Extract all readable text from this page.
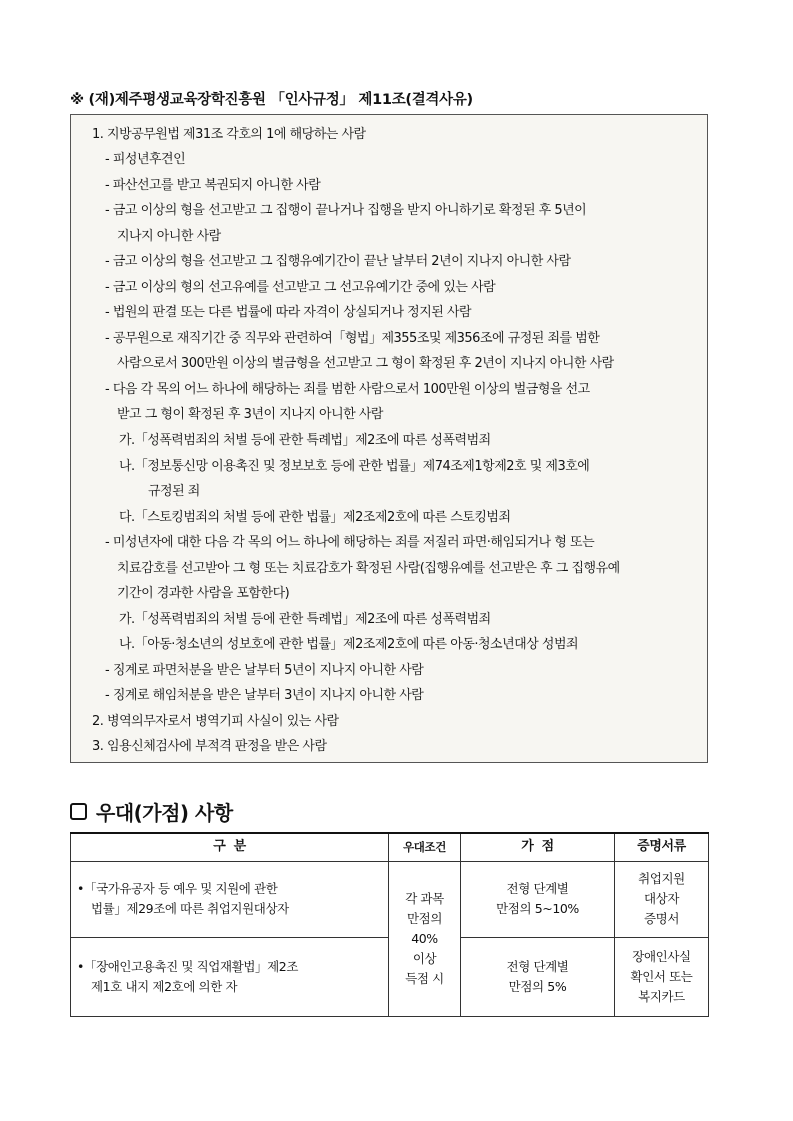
※ (재)제주평생교육장학진흥원 「인사규정」 제11조(결격사유)
1. 지방공무원법 제31조 각호의 1에 해당하는 사람
- 피성년후견인
- 파산선고를 받고 복권되지 아니한 사람
- 금고 이상의 형을 선고받고 그 집행이 끝나거나 집행을 받지 아니하기로 확정된 후 5년이
지나지 아니한 사람
- 금고 이상의 형을 선고받고 그 집행유예기간이 끝난 날부터 2년이 지나지 아니한 사람
- 금고 이상의 형의 선고유예를 선고받고 그 선고유예기간 중에 있는 사람
- 법원의 판결 또는 다른 법률에 따라 자격이 상실되거나 정지된 사람
- 공무원으로 재직기간 중 직무와 관련하여「형법」제355조및 제356조에 규정된 죄를 범한
사람으로서 300만원 이상의 벌금형을 선고받고 그 형이 확정된 후 2년이 지나지 아니한 사람
- 다음 각 목의 어느 하나에 해당하는 죄를 범한 사람으로서 100만원 이상의 벌금형을 선고
받고 그 형이 확정된 후 3년이 지나지 아니한 사람
가.「성폭력범죄의 처벌 등에 관한 특례법」제2조에 따른 성폭력범죄
나.「정보통신망 이용촉진 및 정보보호 등에 관한 법률」제74조제1항제2호 및 제3호에
규정된 죄
다.「스토킹범죄의 처벌 등에 관한 법률」제2조제2호에 따른 스토킹범죄
- 미성년자에 대한 다음 각 목의 어느 하나에 해당하는 죄를 저질러 파면·해임되거나 형 또는
치료감호를 선고받아 그 형 또는 치료감호가 확정된 사람(집행유예를 선고받은 후 그 집행유예
기간이 경과한 사람을 포함한다)
가.「성폭력범죄의 처벌 등에 관한 특례법」제2조에 따른 성폭력범죄
나.「아동·청소년의 성보호에 관한 법률」제2조제2호에 따른 아동·청소년대상 성범죄
- 징계로 파면처분을 받은 날부터 5년이 지나지 아니한 사람
- 징계로 해임처분을 받은 날부터 3년이 지나지 아니한 사람
2. 병역의무자로서 병역기피 사실이 있는 사람
3. 임용신체검사에 부적격 판정을 받은 사람
우대(가점) 사항
구  분	우대조건	가  점	증명서류

•「국가유공자 등 예우 및 지원에 관한
법률」제29조에 따른 취업지원대상자	각 과목
만점의
40%
이상
득점 시	전형 단계별
만점의 5~10%	취업지원
대상자
증명서

•「장애인고용촉진 및 직업재활법」제2조
제1호 내지 제2호에 의한 자		전형 단계별
만점의 5%	장애인사실
확인서 또는
복지카드
